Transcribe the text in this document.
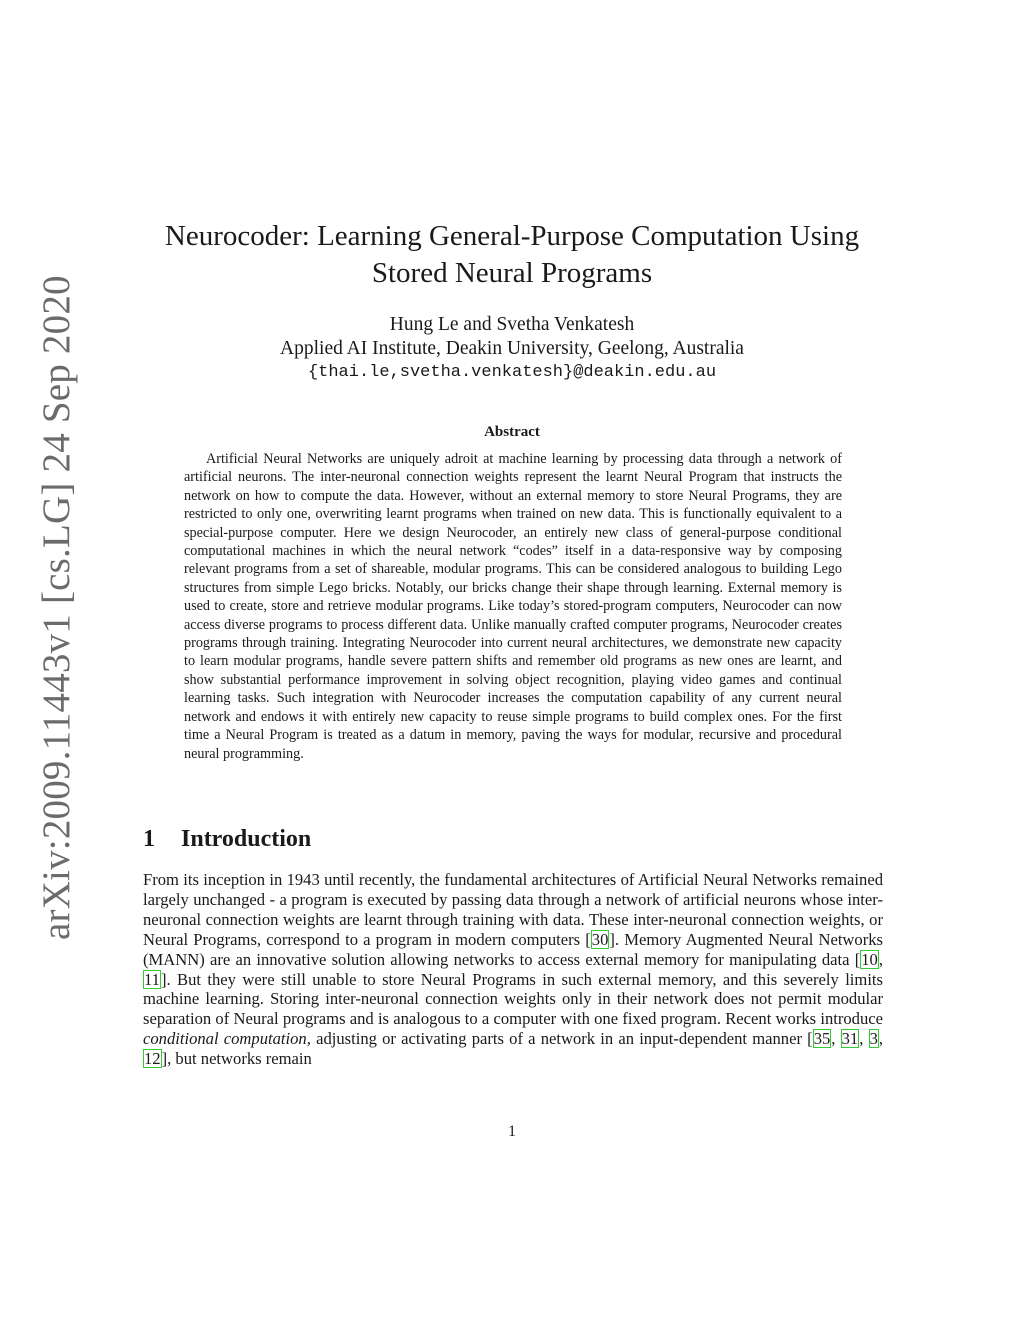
arXiv:2009.11443v1 [cs.LG] 24 Sep 2020
Neurocoder: Learning General-Purpose Computation Using
Stored Neural Programs
Hung Le and Svetha Venkatesh
Applied AI Institute, Deakin University, Geelong, Australia
{thai.le,svetha.venkatesh}@deakin.edu.au
Abstract

Artificial Neural Networks are uniquely adroit at machine learning by processing data through a network of artificial neurons. The inter-neuronal connection weights represent the learnt Neural Program that instructs the network on how to compute the data. However, without an external memory to store Neural Programs, they are restricted to only one, overwriting learnt programs when trained on new data. This is functionally equivalent to a special-purpose computer. Here we design Neurocoder, an entirely new class of general-purpose conditional computational machines in which the neural network “codes” itself in a data-responsive way by composing relevant programs from a set of shareable, modular programs. This can be considered analogous to building Lego structures from simple Lego bricks. Notably, our bricks change their shape through learning. External memory is used to create, store and retrieve modular programs. Like today’s stored-program computers, Neurocoder can now access diverse programs to process different data. Unlike manually crafted computer programs, Neurocoder creates programs through training. Integrating Neurocoder into current neural architectures, we demonstrate new capacity to learn modular programs, handle severe pattern shifts and remember old programs as new ones are learnt, and show substantial performance improvement in solving object recognition, playing video games and continual learning tasks. Such integration with Neurocoder increases the computation capability of any current neural network and endows it with entirely new capacity to reuse simple programs to build complex ones. For the first time a Neural Program is treated as a datum in memory, paving the ways for modular, recursive and procedural neural programming.

1 Introduction

From its inception in 1943 until recently, the fundamental architectures of Artificial Neural Networks remained largely unchanged - a program is executed by passing data through a network of artificial neurons whose inter-neuronal connection weights are learnt through training with data. These inter-neuronal connection weights, or Neural Programs, correspond to a program in modern computers [30]. Memory Augmented Neural Networks (MANN) are an innovative solution allowing networks to access external memory for manipulating data [10, 11]. But they were still unable to store Neural Programs in such external memory, and this severely limits machine learning. Storing inter-neuronal connection weights only in their network does not permit modular separation of Neural programs and is analogous to a computer with one fixed program. Recent works introduce conditional computation, adjusting or activating parts of a network in an input-dependent manner [35, 31, 3, 12], but networks remain

1
